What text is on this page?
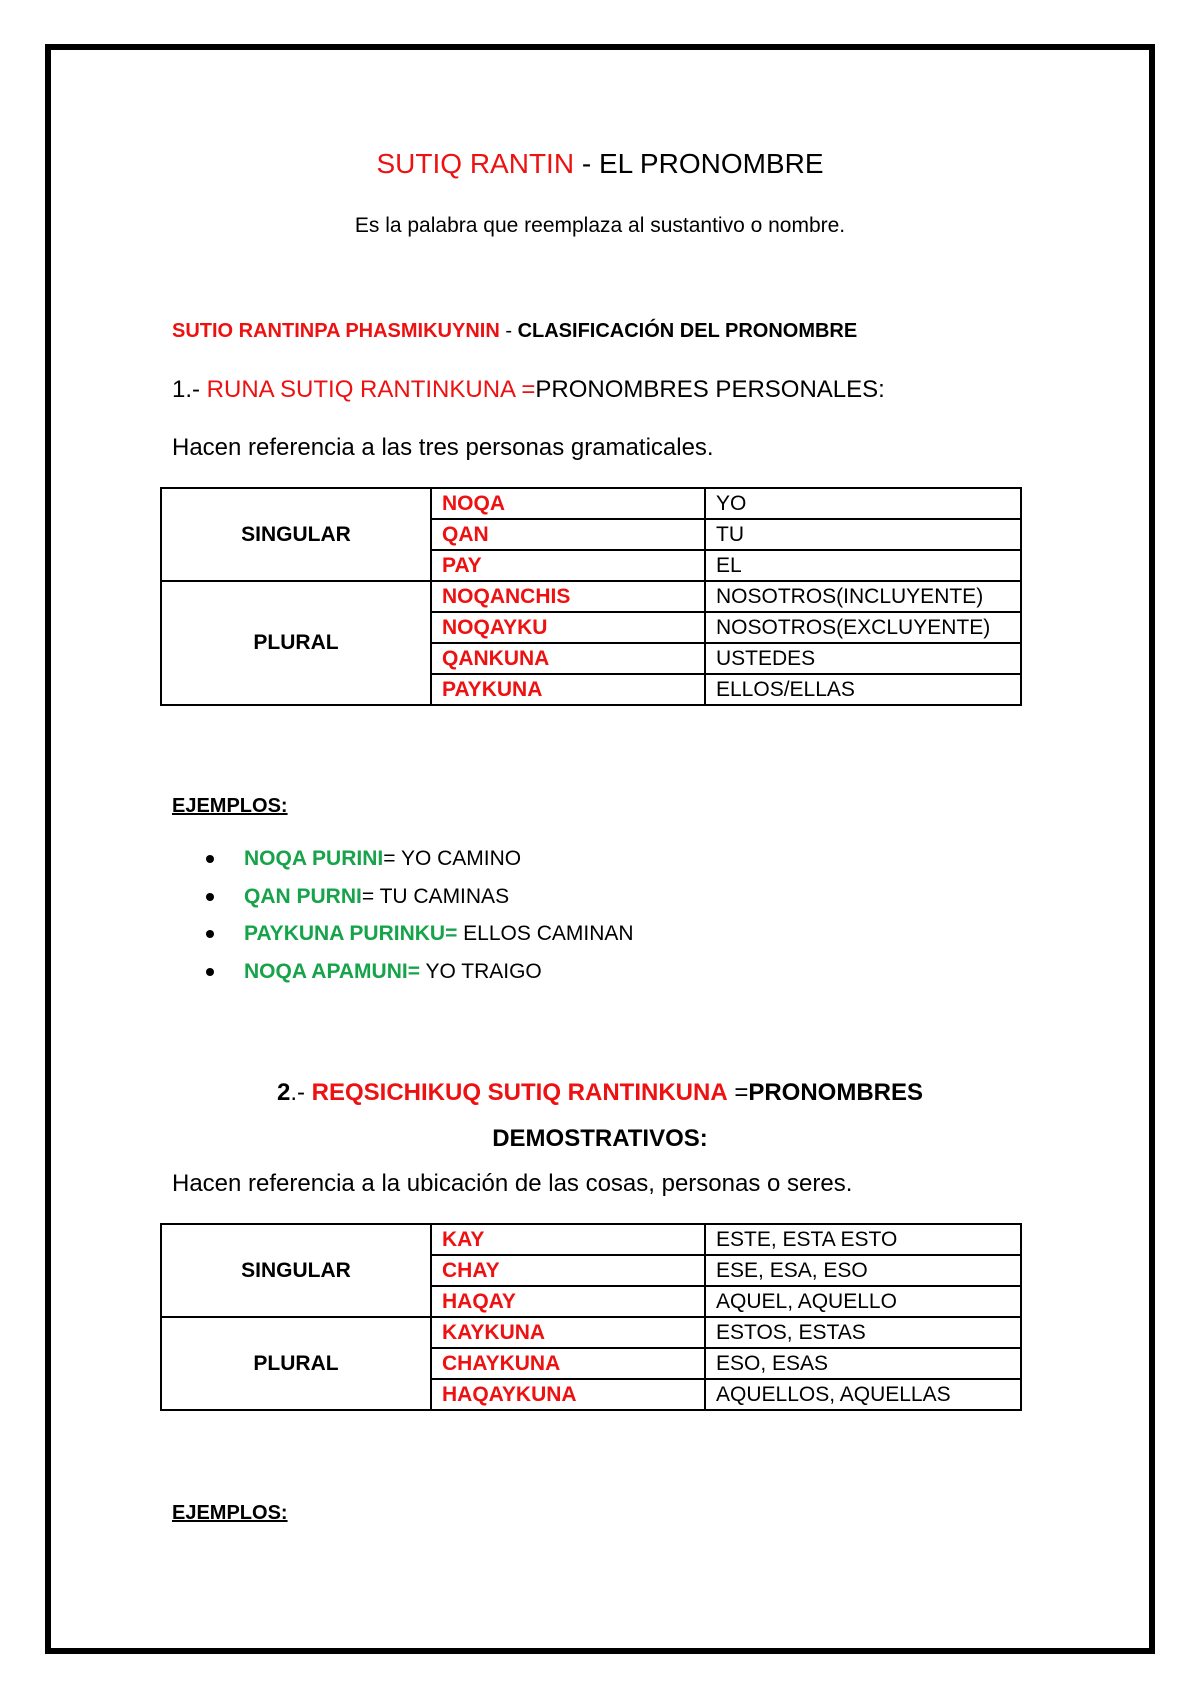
SUTIQ RANTIN - EL PRONOMBRE
Es la palabra que reemplaza al sustantivo o nombre.
SUTIO RANTINPA PHASMIKUYNIN - CLASIFICACIÓN DEL PRONOMBRE
1.- RUNA SUTIQ RANTINKUNA =PRONOMBRES PERSONALES:
Hacen referencia a las tres personas gramaticales.
SINGULAR	NOQA	YO
	QAN	TU
	PAY	EL
PLURAL	NOQANCHIS	NOSOTROS(INCLUYENTE)
	NOQAYKU	NOSOTROS(EXCLUYENTE)
	QANKUNA	USTEDES
	PAYKUNA	ELLOS/ELLAS
EJEMPLOS:
NOQA PURINI= YO CAMINO
QAN PURNI= TU CAMINAS
PAYKUNA PURINKU= ELLOS CAMINAN
NOQA APAMUNI= YO TRAIGO
2.- REQSICHIKUQ SUTIQ RANTINKUNA =PRONOMBRES
DEMOSTRATIVOS:
Hacen referencia a la ubicación de las cosas, personas o seres.
SINGULAR	KAY	ESTE, ESTA ESTO
	CHAY	ESE, ESA, ESO
	HAQAY	AQUEL, AQUELLO
PLURAL	KAYKUNA	ESTOS, ESTAS
	CHAYKUNA	ESO, ESAS
	HAQAYKUNA	AQUELLOS, AQUELLAS
EJEMPLOS:
